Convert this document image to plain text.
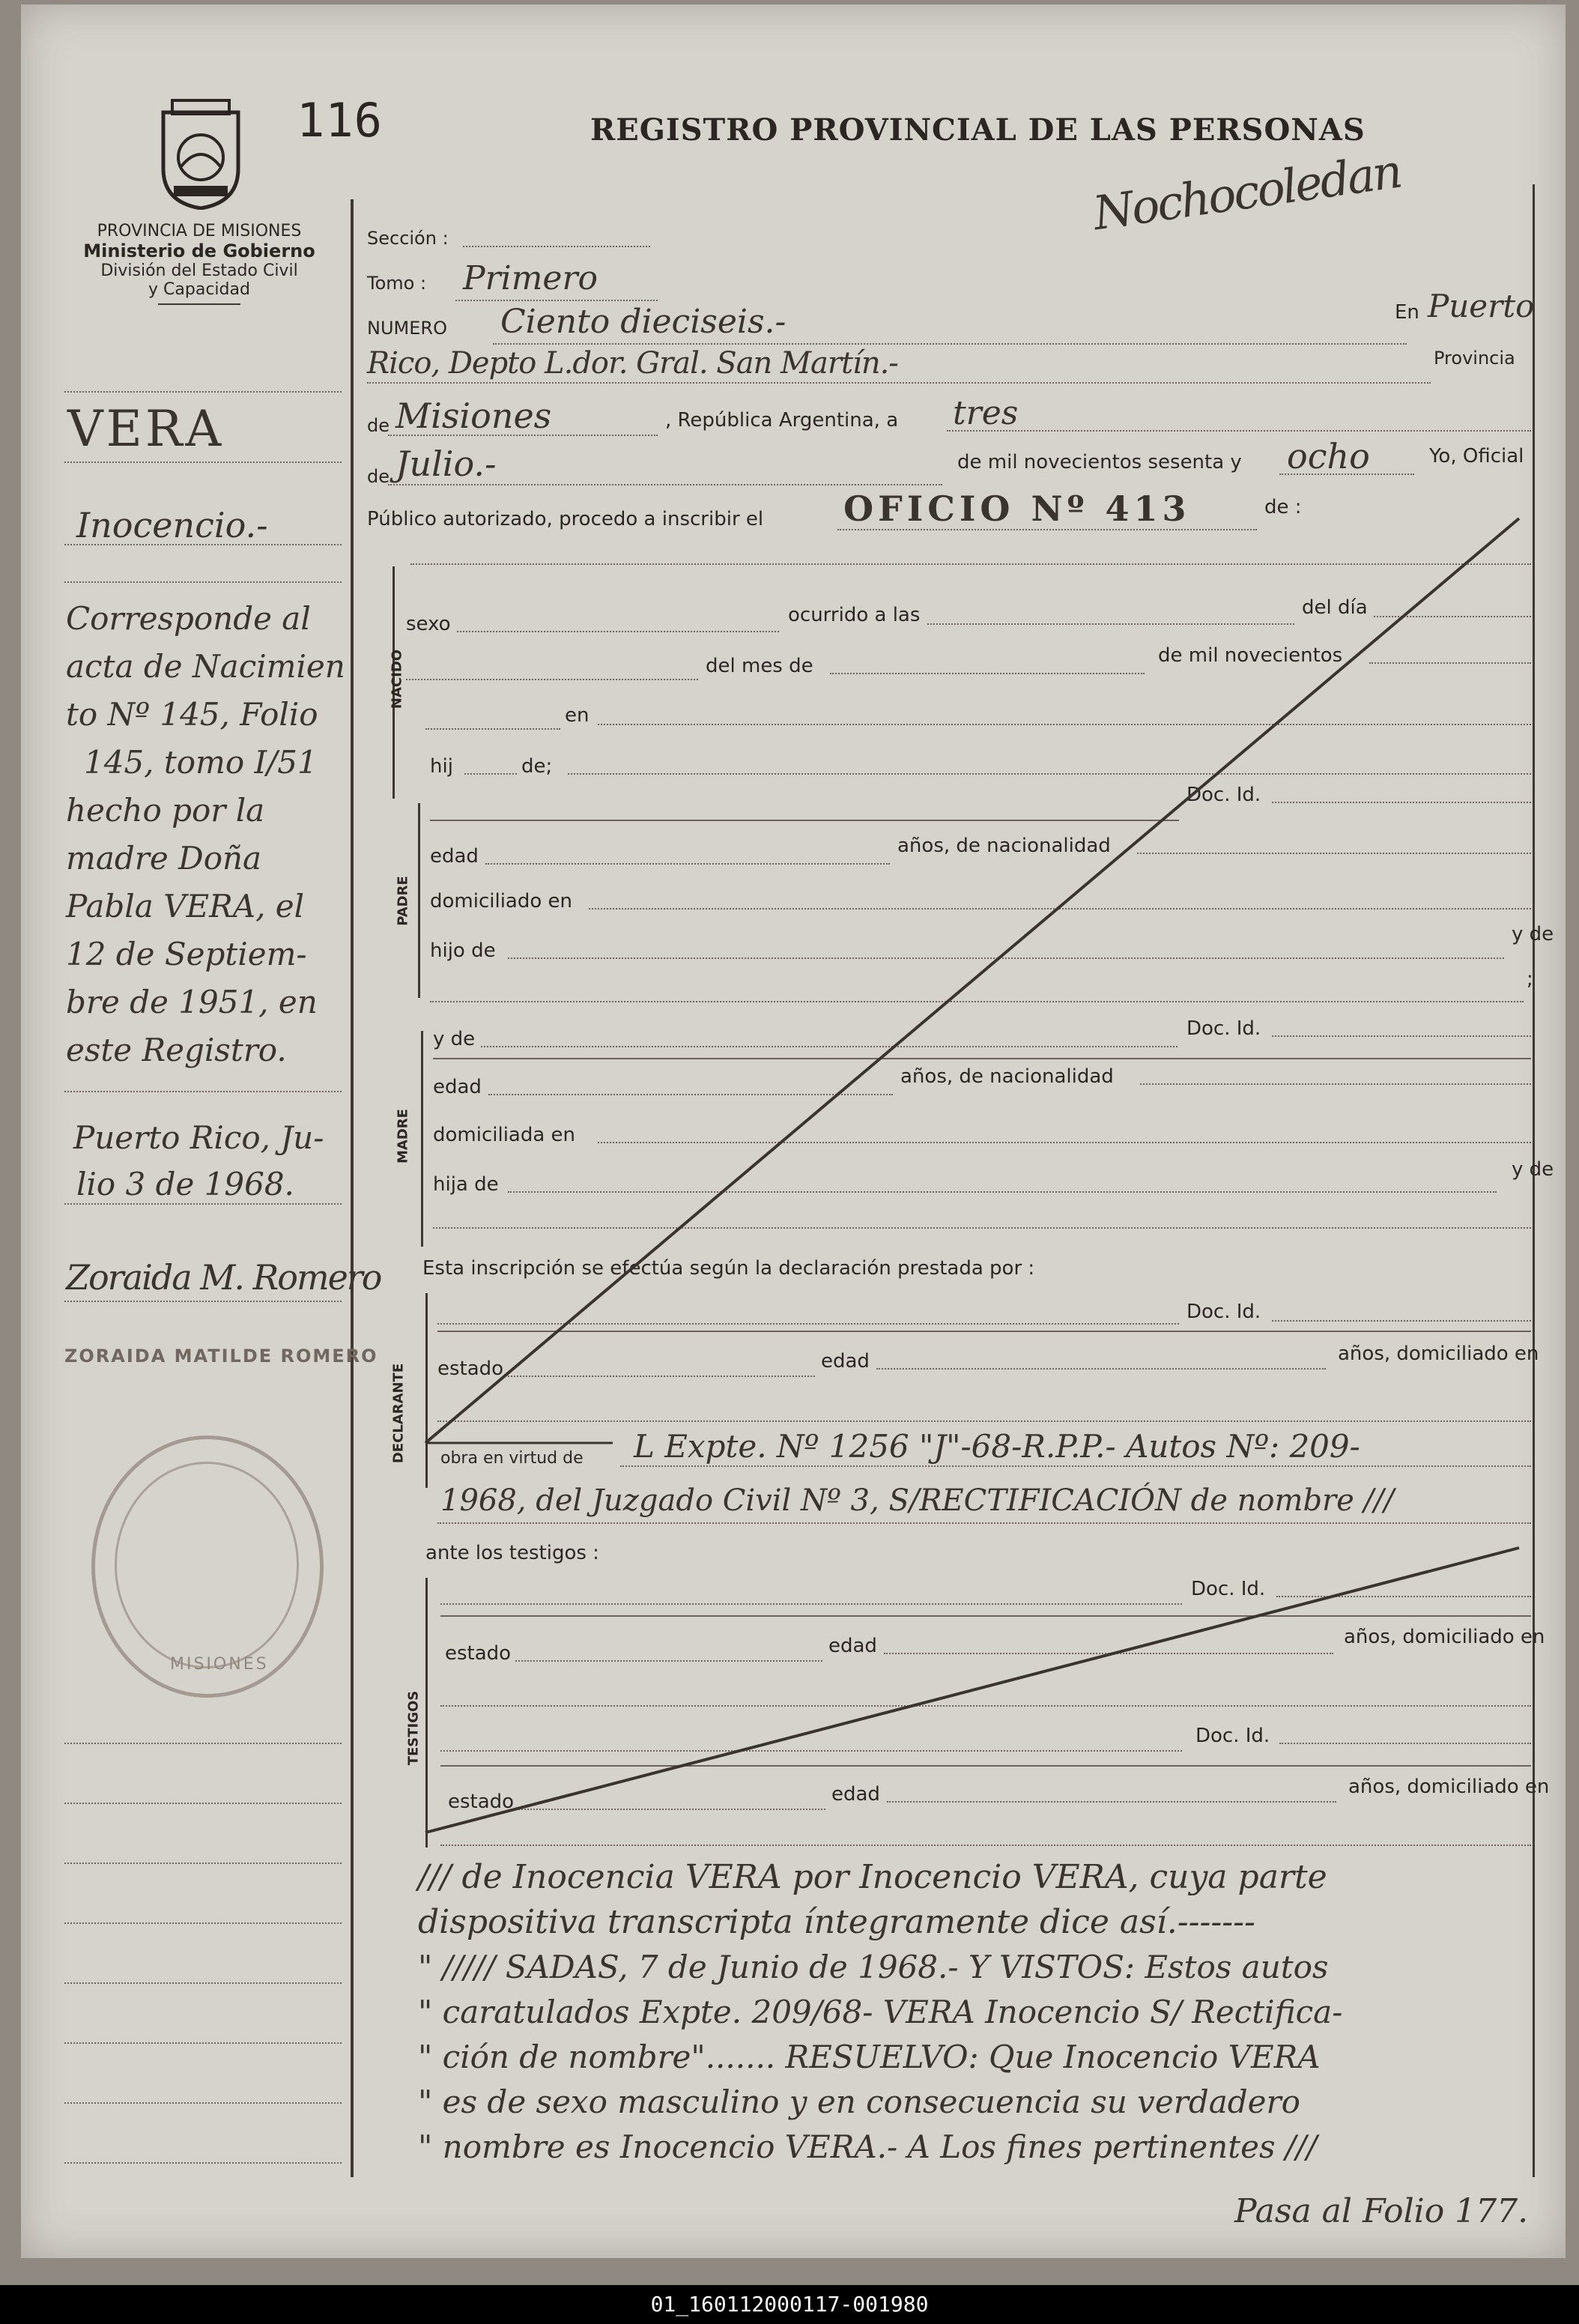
116	REGISTRO PROVINCIAL DE LAS PERSONAS
Nochocoledan
PROVINCIA DE MISIONES
Ministerio de Gobierno
División del Estado Civil
y Capacidad
VERA
Inocencio.-
Corresponde al
acta de Nacimien
to Nº 145, Folio
145, tomo I/51
hecho por la
madre Doña
Pabla VERA, el
12 de Septiem-
bre de 1951, en
este Registro.
Puerto Rico, Ju-
lio 3 de 1968.
Zoraida M. Romero
ZORAIDA MATILDE ROMERO
MISIONES
Sección :
Tomo : Primero
NUMERO Ciento dieciseis.-	En Puerto
Rico, Depto L.dor. Gral. San Martín.-	Provincia
de Misiones	, República Argentina, a tres
de Julio.-	de mil novecientos sesenta y ocho	Yo, Oficial
Público autorizado, procedo a inscribir el OFICIO Nº 413	de :
NACIDO
sexo	ocurrido a las	del día
del mes de	de mil novecientos
en
hij	de;
PADRE
Doc. Id.
edad	años, de nacionalidad
domiciliado en
hijo de
y de
;
MADRE
y de	Doc. Id.
edad	años, de nacionalidad
domiciliada en
hija de
y de
Esta inscripción se efectúa según la declaración prestada por :
DECLARANTE
Doc. Id.
estado	edad	años, domiciliado en
obra en virtud de L Expte. Nº 1256 "J"-68-R.P.P.- Autos Nº: 209-
1968, del Juzgado Civil Nº 3, S/RECTIFICACIÓN de nombre ///
ante los testigos :
TESTIGOS
Doc. Id.
estado	edad	años, domiciliado en
Doc. Id.
estado	edad	años, domiciliado en
/// de Inocencia VERA por Inocencio VERA, cuya parte
dispositiva transcripta íntegramente dice así.-------
" ///// SADAS, 7 de Junio de 1968.- Y VISTOS: Estos autos
" caratulados Expte. 209/68- VERA Inocencio S/ Rectifica-
" ción de nombre"....... RESUELVO: Que Inocencio VERA
" es de sexo masculino y en consecuencia su verdadero
" nombre es Inocencio VERA.- A Los fines pertinentes ///
Pasa al Folio 177.
01_160112000117-001980
